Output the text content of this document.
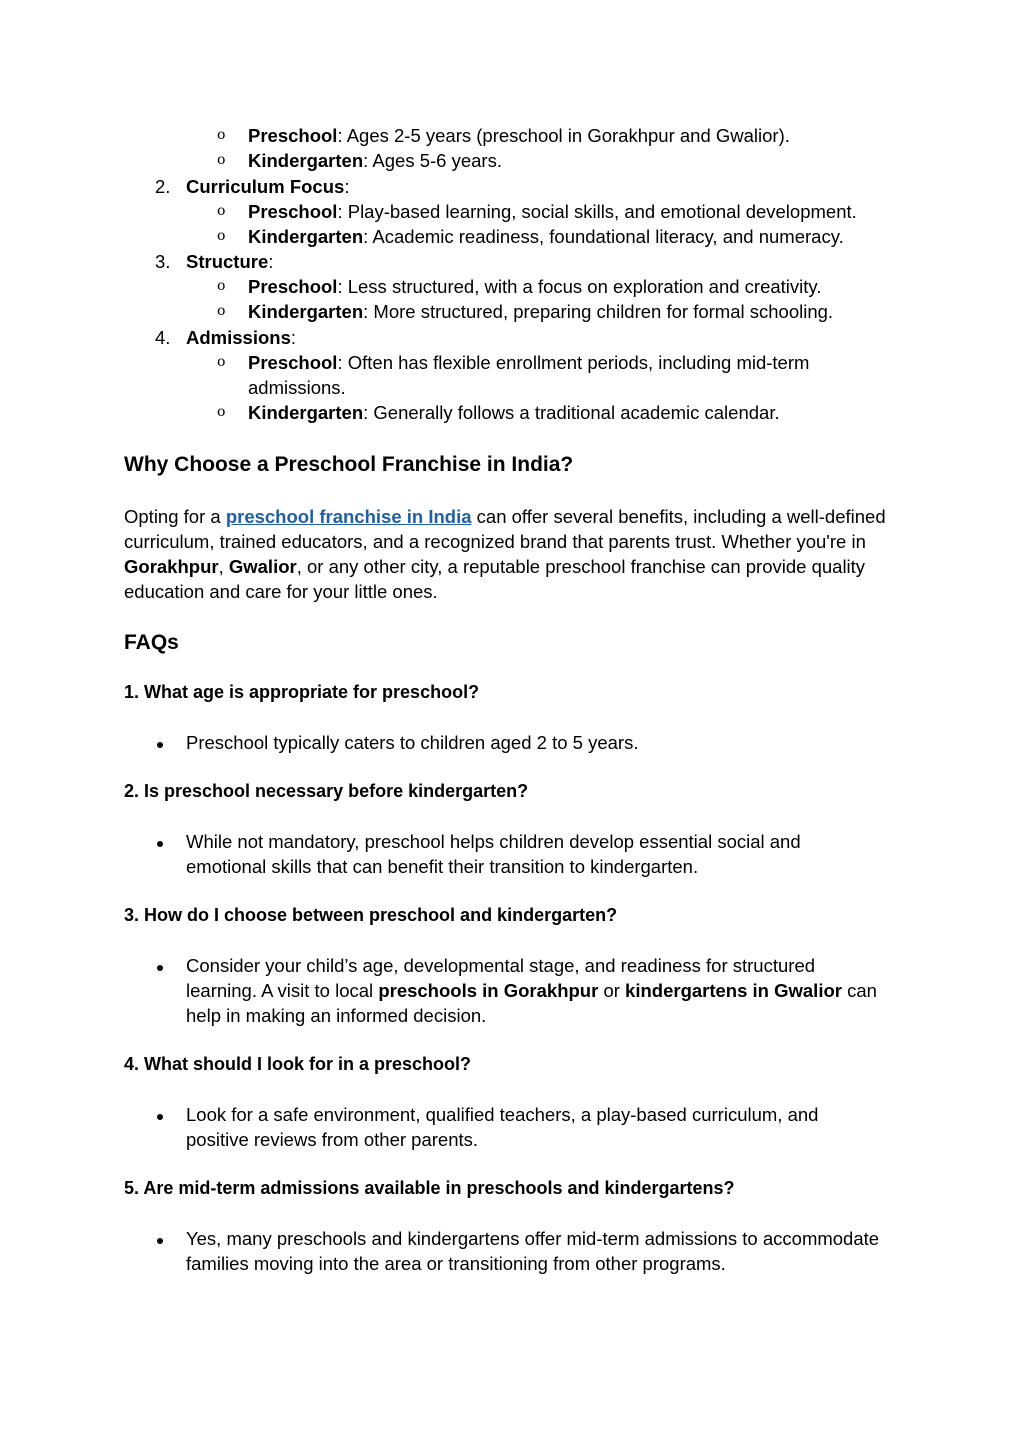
o Preschool: Ages 2-5 years (preschool in Gorakhpur and Gwalior).
o Kindergarten: Ages 5-6 years.
2. Curriculum Focus:
o Preschool: Play-based learning, social skills, and emotional development.
o Kindergarten: Academic readiness, foundational literacy, and numeracy.
3. Structure:
o Preschool: Less structured, with a focus on exploration and creativity.
o Kindergarten: More structured, preparing children for formal schooling.
4. Admissions:
o Preschool: Often has flexible enrollment periods, including mid-term
admissions.
o Kindergarten: Generally follows a traditional academic calendar.
Why Choose a Preschool Franchise in India?
Opting for a preschool franchise in India can offer several benefits, including a well-defined
curriculum, trained educators, and a recognized brand that parents trust. Whether you're in
Gorakhpur, Gwalior, or any other city, a reputable preschool franchise can provide quality
education and care for your little ones.
FAQs
1. What age is appropriate for preschool?
Preschool typically caters to children aged 2 to 5 years.
2. Is preschool necessary before kindergarten?
While not mandatory, preschool helps children develop essential social and
emotional skills that can benefit their transition to kindergarten.
3. How do I choose between preschool and kindergarten?
Consider your child’s age, developmental stage, and readiness for structured
learning. A visit to local preschools in Gorakhpur or kindergartens in Gwalior can
help in making an informed decision.
4. What should I look for in a preschool?
Look for a safe environment, qualified teachers, a play-based curriculum, and
positive reviews from other parents.
5. Are mid-term admissions available in preschools and kindergartens?
Yes, many preschools and kindergartens offer mid-term admissions to accommodate
families moving into the area or transitioning from other programs.
